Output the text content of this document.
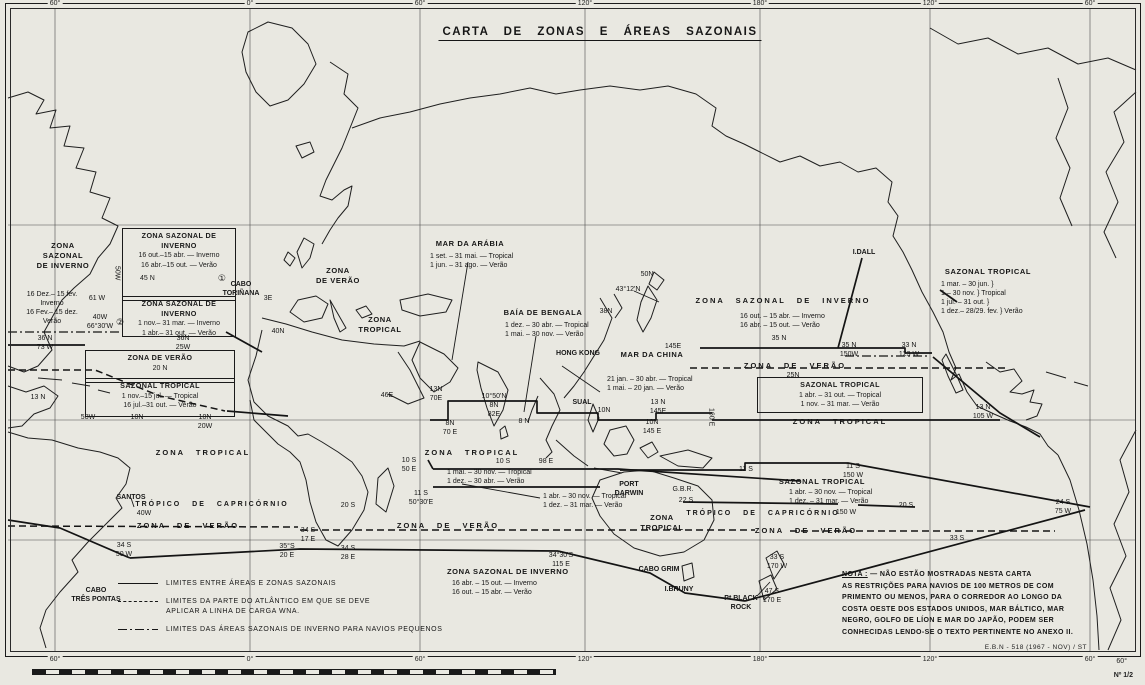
CARTA DE ZONAS E ÁREAS SAZONAIS
ZONA
SAZONAL
DE INVERNO
16 Dez.– 15 fev.
Inverno
16 Fev.– 15 dez.
Verão
61 W
50W
40W
66°30'W ②
36 N
73 W
36N
25W
CABO
TORIÑANA
3E
40N
ZONA
DE VERÃO
ZONA
TROPICAL
46E
MAR DA ARÁBIA
1 set. – 31 mai. — Tropical
1 jun. – 31 ago. — Verão
BAÍA DE BENGALA
1 dez. – 30 abr. — Tropical
1 mai. – 30 nov. — Verão
50N
43°12'N
38N
145E
HONG KONG	MAR DA CHINA
21 jan. – 30 abr. — Tropical
1 mai. – 20 jan. — Verão
SUAL
10N
13 N
145E
10N
145 E
160 E
ZONA SAZONAL DE INVERNO
16 out. – 15 abr. — Inverno
16 abr. – 15 out. — Verão
35 N
35 N
150W
33 N
123 W
I.DALL
SAZONAL TROPICAL
1 mar. – 30 jun. }
1 – 30 nov. } Tropical
1 jul. – 31 out. }
1 dez.– 28/29. fev. } Verão
ZONA DE VERÃO
25N
ZONA TROPICAL
13 N
105 W
ZONA TROPICAL	ZONA TROPICAL
10 S
50 E
10 S	98 E
1 mai. – 30 nov. — Tropical
1 dez. – 30 abr. — Verão
11 S
50°30'E
1 abr. – 30 nov. — Tropical
1 dez. – 31 mar. — Verão
20 S
SANTOS
TRÓPICO DE CAPRICÓRNIO
40W
ZONA DE VERÃO
34 S
50 W
CABO
TRÊS PONTAS
34 S
17 E
35°S
20 E
34 S
28 E
ZONA DE VERÃO
34°30'S
115 E
ZONA SAZONAL DE INVERNO
16 abr. – 15 out. — Inverno
16 out. – 15 abr. — Verão
G.B.R.
22 S
PORT
DARWIN
ZONA
TROPICAL
11 S	11 S
150 W
SAZONAL TROPICAL
1 abr. – 30 nov. — Tropical
1 dez. – 31 mar. — Verão
TRÓPICO DE CAPRICÓRNIO
150 W
20 S
ZONA DE VERÃO
33 S
33 S
170 W
CABO GRIM
I.BRUNY
Pt.BLACK
ROCK
47 S
170 E
24 S
75 W
13 N
58W	10N	10N
20W
13N
70E
8N
70 E
10°50'N
8N
82E
8 N
ZONA SAZONAL DE INVERNO
16 out.–15 abr. — Inverno
16 abr.–15 out. — Verão
45 N	①
ZONA SAZONAL DE INVERNO
1 nov.– 31 mar. — Inverno
1 abr.– 31 out. — Verão
ZONA DE VERÃO
20 N
SAZONAL TROPICAL
1 nov.–15 jul. — Tropical
16 jul.–31 out. — Verão
SAZONAL TROPICAL
1 abr. – 31 out. — Tropical
1 nov. – 31 mar. — Verão
60°
60°
0°
0°
60°
60°
120°
120°
180°
180°
120°
120°
60°
60°
LIMITES ENTRE ÁREAS E ZONAS SAZONAIS
LIMITES DA PARTE DO ATLÂNTICO EM QUE SE DEVE
APLICAR A LINHA DE CARGA WNA.
LIMITES DAS ÁREAS SAZONAIS DE INVERNO PARA NAVIOS PEQUENOS
NOTA : — NÃO ESTÃO MOSTRADAS NESTA CARTA
AS RESTRIÇÕES PARA NAVIOS DE 100 METROS DE COM
PRIMENTO OU MENOS, PARA O CORREDOR AO LONGO DA
COSTA OESTE DOS ESTADOS UNIDOS, MAR BÁLTICO, MAR
NEGRO, GOLFO DE LÍON E MAR DO JAPÃO, PODEM SER
CONHECIDAS LENDO-SE O TEXTO PERTINENTE NO ANEXO II.
E.B.N - 518 (1967 - NOV) / ST
60°
Nº 1/2
